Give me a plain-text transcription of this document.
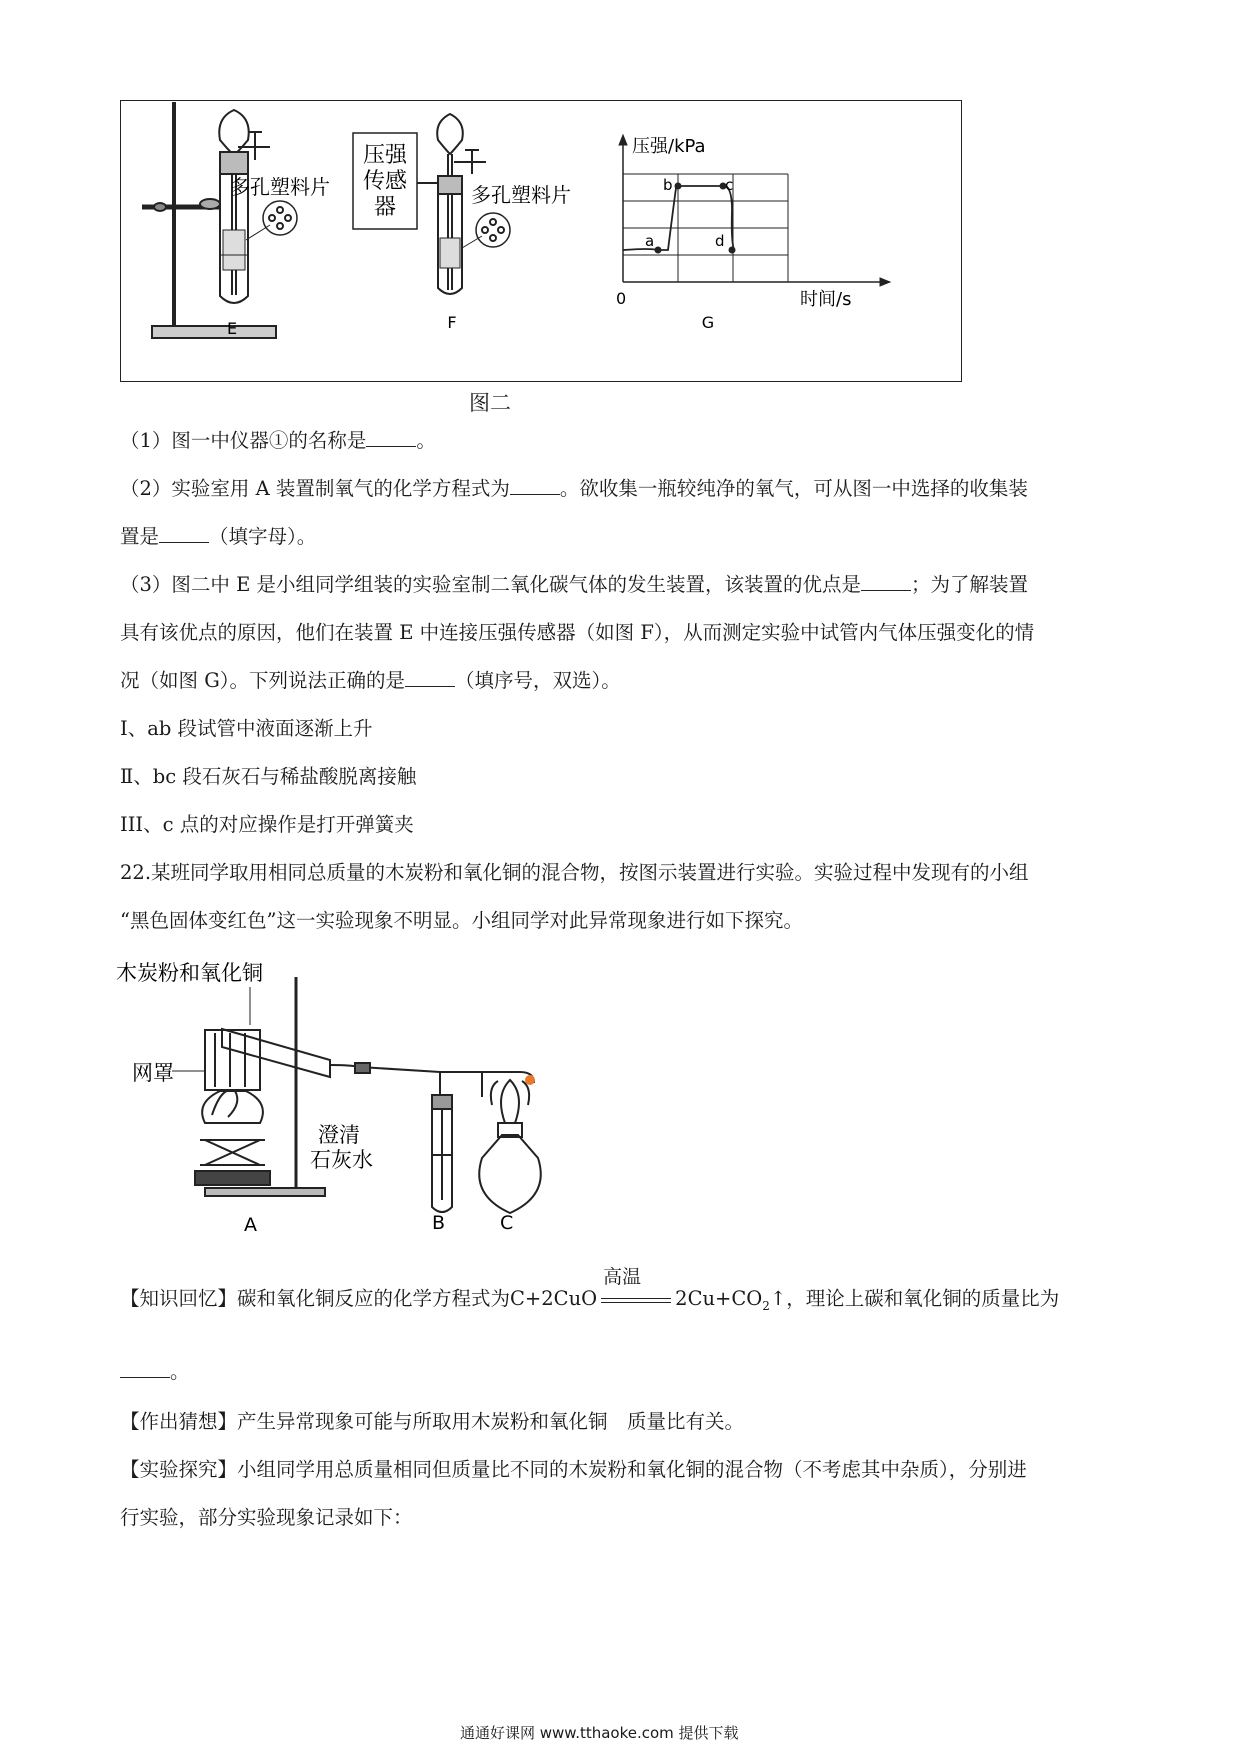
E
多孔塑料片
压强
传感
器
F
多孔塑料片
a
b	c
d
压强/kPa
时间/s
0
G
图二
（1）图一中仪器①的名称是	。
（2）实验室用 A 装置制氧气的化学方程式为	。欲收集一瓶较纯净的氧气，可从图一中选择的收集装
置是	（填字母）。
（3）图二中 E 是小组同学组装的实验室制二氧化碳气体的发生装置，该装置的优点是	；为了解装置
具有该优点的原因，他们在装置 E 中连接压强传感器（如图 F），从而测定实验中试管内气体压强变化的情
况（如图 G）。下列说法正确的是	（填序号，双选）。
I、ab 段试管中液面逐渐上升
Ⅱ、bc 段石灰石与稀盐酸脱离接触
III、c 点的对应操作是打开弹簧夹
22.某班同学取用相同总质量的木炭粉和氧化铜的混合物，按图示装置进行实验。实验过程中发现有的小组
“黑色固体变红色”这一实验现象不明显。小组同学对此异常现象进行如下探究。
木炭粉和氧化铜
网罩
澄清
石灰水
A	B	C
【知识回忆】碳和氧化铜反应的化学方程式为C+2CuO
高温
$2Cu+CO_2↑$，理论上碳和氧化铜的质量比为
。
【作出猜想】产生异常现象可能与所取用木炭粉和氧化铜　质量比有关。
【实验探究】小组同学用总质量相同但质量比不同的木炭粉和氧化铜的混合物（不考虑其中杂质），分别进
行实验，部分实验现象记录如下：
通通好课网 www.tthaoke.com 提供下载
